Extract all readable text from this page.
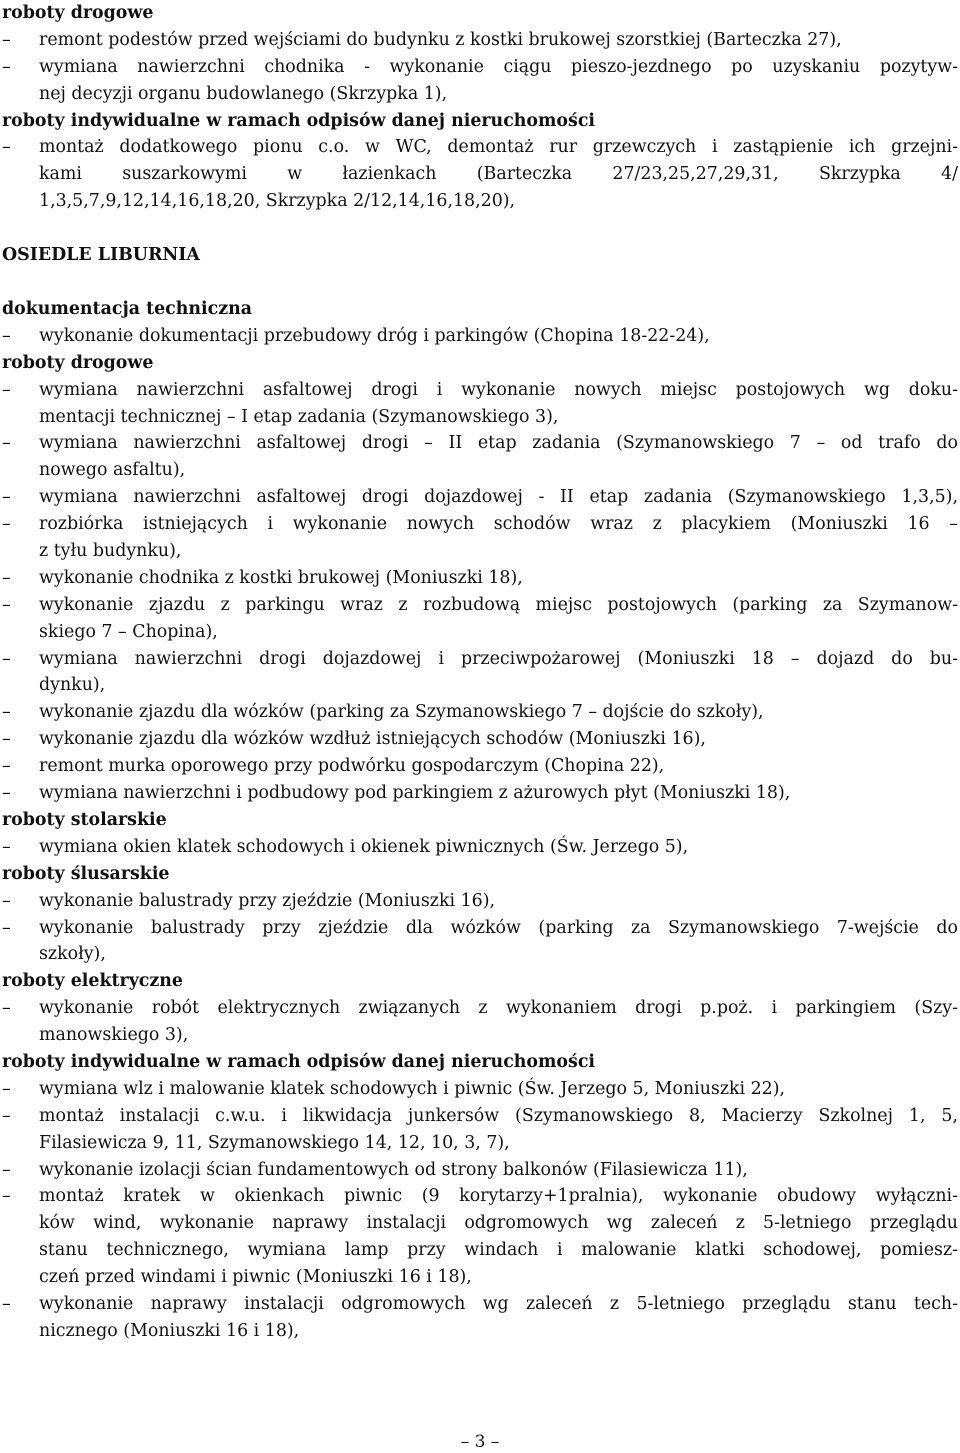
roboty drogowe
– remont podestów przed wejściami do budynku z kostki brukowej szorstkiej (Barteczka 27),
– wymiana nawierzchni chodnika - wykonanie ciągu pieszo-jezdnego po uzyskaniu pozytyw-
nej decyzji organu budowlanego (Skrzypka 1),
roboty indywidualne w ramach odpisów danej nieruchomości
– montaż dodatkowego pionu c.o. w WC, demontaż rur grzewczych i zastąpienie ich grzejni-
kami suszarkowymi w łazienkach (Barteczka 27/23,25,27,29,31, Skrzypka 4/
1,3,5,7,9,12,14,16,18,20, Skrzypka 2/12,14,16,18,20),
OSIEDLE LIBURNIA
dokumentacja techniczna
– wykonanie dokumentacji przebudowy dróg i parkingów (Chopina 18-22-24),
roboty drogowe
– wymiana nawierzchni asfaltowej drogi i wykonanie nowych miejsc postojowych wg doku-
mentacji technicznej – I etap zadania (Szymanowskiego 3),
– wymiana nawierzchni asfaltowej drogi – II etap zadania (Szymanowskiego 7 – od trafo do
nowego asfaltu),
– wymiana nawierzchni asfaltowej drogi dojazdowej - II etap zadania (Szymanowskiego 1,3,5),
– rozbiórka istniejących i wykonanie nowych schodów wraz z placykiem (Moniuszki 16 –
z tyłu budynku),
– wykonanie chodnika z kostki brukowej (Moniuszki 18),
– wykonanie zjazdu z parkingu wraz z rozbudową miejsc postojowych (parking za Szymanow-
skiego 7 – Chopina),
– wymiana nawierzchni drogi dojazdowej i przeciwpożarowej (Moniuszki 18 – dojazd do bu-
dynku),
– wykonanie zjazdu dla wózków (parking za Szymanowskiego 7 – dojście do szkoły),
– wykonanie zjazdu dla wózków wzdłuż istniejących schodów (Moniuszki 16),
– remont murka oporowego przy podwórku gospodarczym (Chopina 22),
– wymiana nawierzchni i podbudowy pod parkingiem z ażurowych płyt (Moniuszki 18),
roboty stolarskie
– wymiana okien klatek schodowych i okienek piwnicznych (Św. Jerzego 5),
roboty ślusarskie
– wykonanie balustrady przy zjeździe (Moniuszki 16),
– wykonanie balustrady przy zjeździe dla wózków (parking za Szymanowskiego 7-wejście do
szkoły),
roboty elektryczne
– wykonanie robót elektrycznych związanych z wykonaniem drogi p.poż. i parkingiem (Szy-
manowskiego 3),
roboty indywidualne w ramach odpisów danej nieruchomości
– wymiana wlz i malowanie klatek schodowych i piwnic (Św. Jerzego 5, Moniuszki 22),
– montaż instalacji c.w.u. i likwidacja junkersów (Szymanowskiego 8, Macierzy Szkolnej 1, 5,
Filasiewicza 9, 11, Szymanowskiego 14, 12, 10, 3, 7),
– wykonanie izolacji ścian fundamentowych od strony balkonów (Filasiewicza 11),
– montaż kratek w okienkach piwnic (9 korytarzy+1pralnia), wykonanie obudowy wyłączni-
ków wind, wykonanie naprawy instalacji odgromowych wg zaleceń z 5-letniego przeglądu
stanu technicznego, wymiana lamp przy windach i malowanie klatki schodowej, pomiesz-
czeń przed windami i piwnic (Moniuszki 16 i 18),
– wykonanie naprawy instalacji odgromowych wg zaleceń z 5-letniego przeglądu stanu tech-
nicznego (Moniuszki 16 i 18),
– 3 –
